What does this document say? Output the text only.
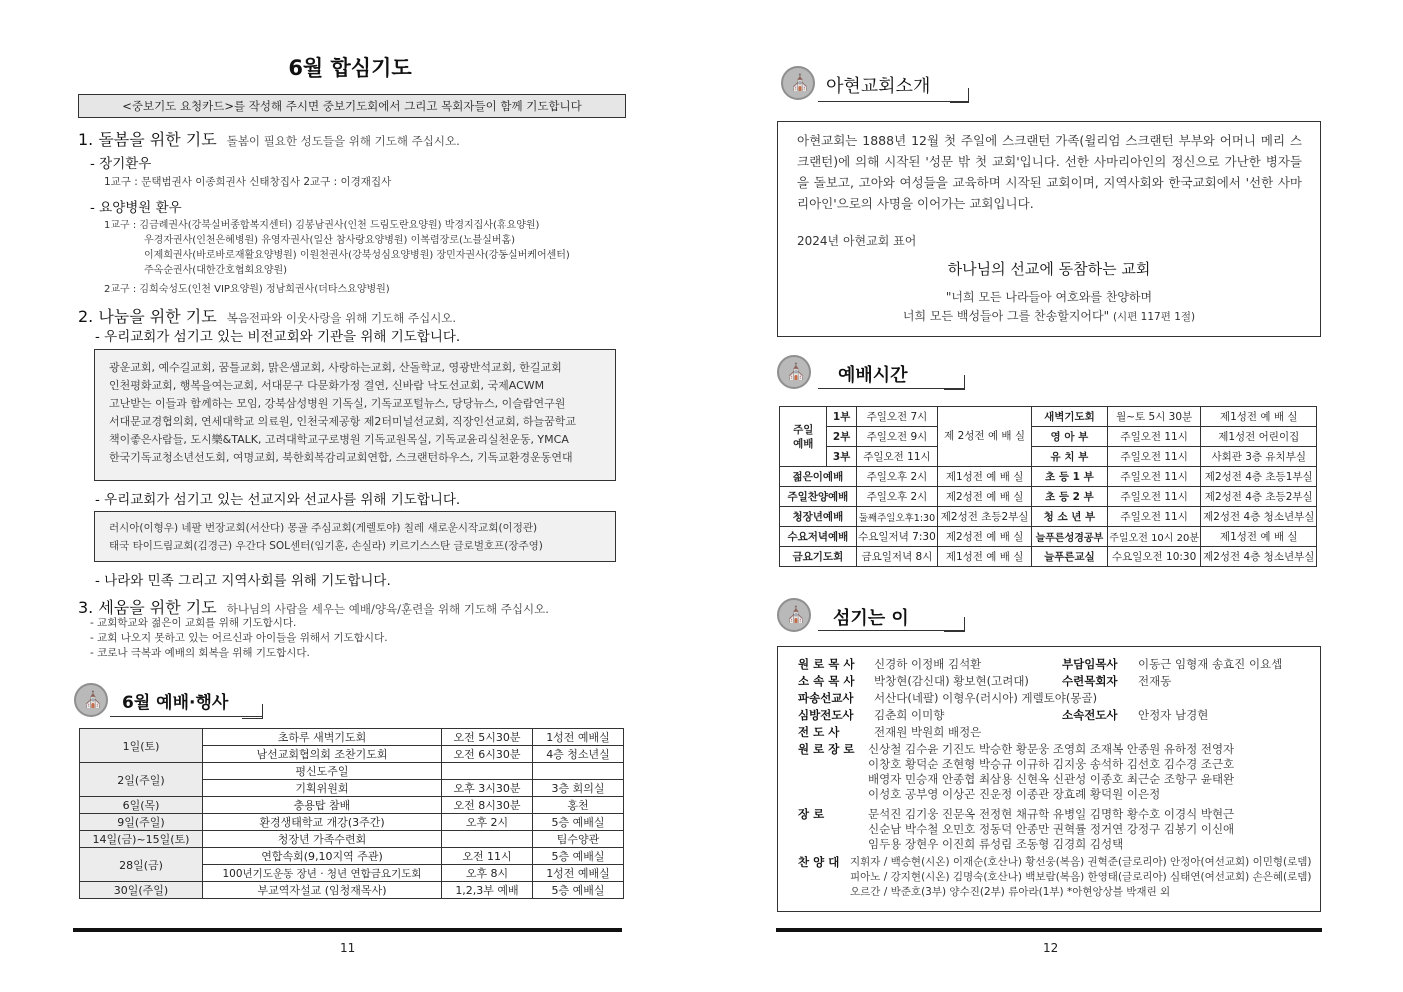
6월 합심기도
<중보기도 요청카드>를 작성해 주시면 중보기도회에서 그리고 목회자들이 함께 기도합니다
1. 돌봄을 위한 기도 돌봄이 필요한 성도들을 위해 기도해 주십시오.
- 장기환우
1교구 : 문택범권사 이종희권사 신태창집사 2교구 : 이경재집사
- 요양병원 환우
1교구 : 김금례권사(강북실버종합복지센터) 김봉남권사(인천 드림도란요양원) 박경지집사(휴요양원)
우경자권사(인천은혜병원) 유영자권사(일산 참사랑요양병원) 이복렴장로(노블실버홈)
이제희권사(바로바로재활요양병원) 이원천권사(강북성심요양병원) 장민자권사(강동실버케어센터)
주옥순권사(대한간호협회요양원)
2교구 : 김희숙성도(인천 VIP요양원) 정남희권사(더타스요양병원)
2. 나눔을 위한 기도 복음전파와 이웃사랑을 위해 기도해 주십시오.
- 우리교회가 섬기고 있는 비전교회와 기관을 위해 기도합니다.
광운교회, 예수길교회, 꿈틀교회, 맑은샘교회, 사랑하는교회, 산돌학교, 영광반석교회, 한길교회
인천평화교회, 행복을여는교회, 서대문구 다문화가정 결연, 신바람 낙도선교회, 국제ACWM
고난받는 이들과 함께하는 모임, 강북삼성병원 기독실, 기독교포털뉴스, 당당뉴스, 이슬람연구원
서대문교경협의회, 연세대학교 의료원, 인천국제공항 제2터미널선교회, 직장인선교회, 하늘꿈학교
책이좋은사람들, 도시樂&TALK, 고려대학교구로병원 기독교원목실, 기독교윤리실천운동, YMCA
한국기독교청소년선도회, 여명교회, 북한회복감리교회연합, 스크랜턴하우스, 기독교환경운동연대
- 우리교회가 섬기고 있는 선교지와 선교사를 위해 기도합니다.
러시아(이형우) 네팔 번장교회(서산다) 몽골 주심교회(게렐토야) 칠레 새로운시작교회(이정관)
태국 타이드림교회(김경근) 우간다 SOL센터(임기훈, 손실라) 키르기스스탄 글로벌호프(장주영)
- 나라와 민족 그리고 지역사회를 위해 기도합니다.
3. 세움을 위한 기도 하나님의 사람을 세우는 예배/양육/훈련을 위해 기도해 주십시오.
- 교회학교와 젊은이 교회를 위해 기도합시다.
- 교회 나오지 못하고 있는 어르신과 아이들을 위해서 기도합시다.
- 코로나 극복과 예배의 회복을 위해 기도합시다.
⛪
6월 예배·행사
1일(토)	초하루 새벽기도회	오전 5시30분	1성전 예배실
	남선교회협의회 조찬기도회	오전 6시30분	4층 청소년실
2일(주일)	평신도주일		
	기획위원회	오후 3시30분	3층 회의실
6일(목)	충용탑 참배	오전 8시30분	홍천
9일(주일)	환경생태학교 개강(3주간)	오후 2시	5층 예배실
14일(금)~15일(토)	청장년 가족수련회		팀수양관
28일(금)	연합속회(9,10지역 주관)	오전 11시	5층 예배실
	100년기도운동 장년 · 청년 연합금요기도회	오후 8시	1성전 예배실
30일(주일)	부교역자설교 (임청재목사)	1,2,3부 예배	5층 예배실
11
⛪
아현교회소개
아현교회는 1888년 12월 첫 주일에 스크랜턴 가족(윌리엄 스크랜턴 부부와 어머니 메리 스크랜턴)에 의해 시작된 '성문 밖 첫 교회'입니다. 선한 사마리아인의 정신으로 가난한 병자들을 돌보고, 고아와 여성들을 교육하며 시작된 교회이며, 지역사회와 한국교회에서 '선한 사마리아인'으로의 사명을 이어가는 교회입니다.
2024년 아현교회 표어
하나님의 선교에 동참하는 교회
"너희 모든 나라들아 여호와를 찬양하며
너희 모든 백성들아 그를 찬송할지어다" (시편 117편 1절)
⛪
예배시간
주일
예배	1부	주일오전 7시	제 2성전 예 배 실	새벽기도회	월~토 5시 30분	제1성전 예 배 실
	2부	주일오전 9시		영 아 부	주일오전 11시	제1성전 어린이집
	3부	주일오전 11시		유 치 부	주일오전 11시	사회관 3층 유치부실
젊은이예배		주일오후 2시	제1성전 예 배 실	초 등 1 부	주일오전 11시	제2성전 4층 초등1부실
주일찬양예배		주일오후 2시	제2성전 예 배 실	초 등 2 부	주일오전 11시	제2성전 4층 초등2부실
청장년예배		둘째주일오후1:30	제2성전 초등2부실	청 소 년 부	주일오전 11시	제2성전 4층 청소년부실
수요저녁예배		수요일저녁 7:30	제2성전 예 배 실	늘푸른성경공부	주일오전 10시 20분	제1성전 예 배 실
금요기도회		금요일저녁 8시	제1성전 예 배 실	늘푸른교실	수요일오전 10:30	제2성전 4층 청소년부실
⛪
섬기는 이
원 로 목 사 신경하 이정배 김석환	부담임목사 이동근 임형재 송효진 이요셉
소 속 목 사 박창현(감신대) 황보현(고려대)	수련목회자 전재동
파송선교사 서산다(네팔) 이형우(러시아) 게렐토야(몽골)
심방전도사 김춘희 이미향	소속전도사 안정자 남경현
전 도 사	전재원 박원희 배정은
원 로 장 로 신상철 김수윤 기진도 박승한 황문웅 조영희 조재복 안종원 유하정 전영자
이창호 황덕순 조현형 박승규 이규하 김지웅 송석하 김선호 김수경 조근호
배영자 민승재 안종협 최삼용 신현옥 신관성 이종호 최근순 조항구 윤태완
이성호 공부영 이상곤 진운정 이종관 장효례 황덕원 이은정
장 로	문석진 김기웅 진문옥 전정현 채규학 유병일 김명학 황수호 이경식 박현근
신순남 박수철 오민호 정동덕 안종만 권혁률 정거연 강정구 김봉기 이신애
임두용 장현우 이진희 류성림 조동형 김경희 김성택
찬 양 대 지휘자 / 백승현(시온) 이재순(호산나) 황선웅(복음) 권혁준(글로리아) 안정아(여선교회) 이민형(로뎀)
피아노 / 강지현(시온) 김명숙(호산나) 백보람(복음) 한영태(글로리아) 심태연(여선교회) 손은혜(로뎀)
오르간 / 박준호(3부) 양수진(2부) 류아라(1부) *아현앙상블 박재린 외
12
